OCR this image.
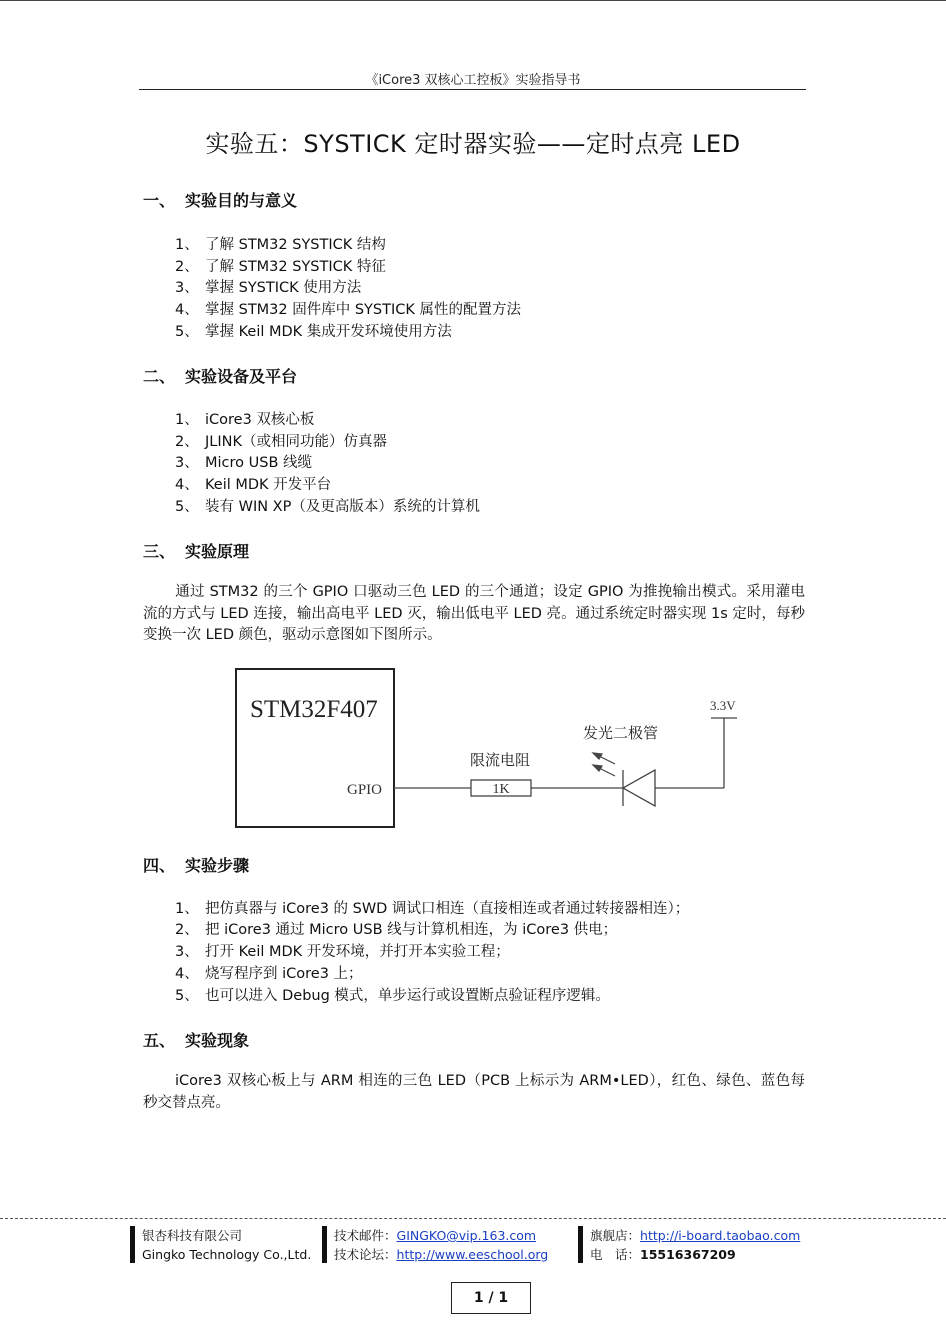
《iCore3 双核心工控板》实验指导书
实验五：SYSTICK 定时器实验——定时点亮 LED
一、 实验目的与意义
1、 了解 STM32 SYSTICK 结构
2、 了解 STM32 SYSTICK 特征
3、 掌握 SYSTICK 使用方法
4、 掌握 STM32 固件库中 SYSTICK 属性的配置方法
5、 掌握 Keil MDK 集成开发环境使用方法
二、 实验设备及平台
1、 iCore3 双核心板
2、 JLINK（或相同功能）仿真器
3、 Micro USB 线缆
4、 Keil MDK 开发平台
5、 装有 WIN XP（及更高版本）系统的计算机
三、 实验原理
通过 STM32 的三个 GPIO 口驱动三色 LED 的三个通道；设定 GPIO 为推挽输出模式。采用灌电流的方式与 LED 连接，输出高电平 LED 灭，输出低电平 LED 亮。通过系统定时器实现 1s 定时，每秒变换一次 LED 颜色，驱动示意图如下图所示。
STM32F407
GPIO	1K
限流电阻
3.3V
发光二极管
四、 实验步骤
1、 把仿真器与 iCore3 的 SWD 调试口相连（直接相连或者通过转接器相连）；
2、 把 iCore3 通过 Micro USB 线与计算机相连，为 iCore3 供电；
3、 打开 Keil MDK 开发环境，并打开本实验工程；
4、 烧写程序到 iCore3 上；
5、 也可以进入 Debug 模式，单步运行或设置断点验证程序逻辑。
五、 实验现象
iCore3 双核心板上与 ARM 相连的三色 LED（PCB 上标示为 ARM•LED），红色、绿色、蓝色每秒交替点亮。
银杏科技有限公司
Gingko Technology Co.,Ltd.
技术邮件：GINGKO@vip.163.com
技术论坛：http://www.eeschool.org
旗舰店：http://i-board.taobao.com
电　话：15516367209
1 / 1
